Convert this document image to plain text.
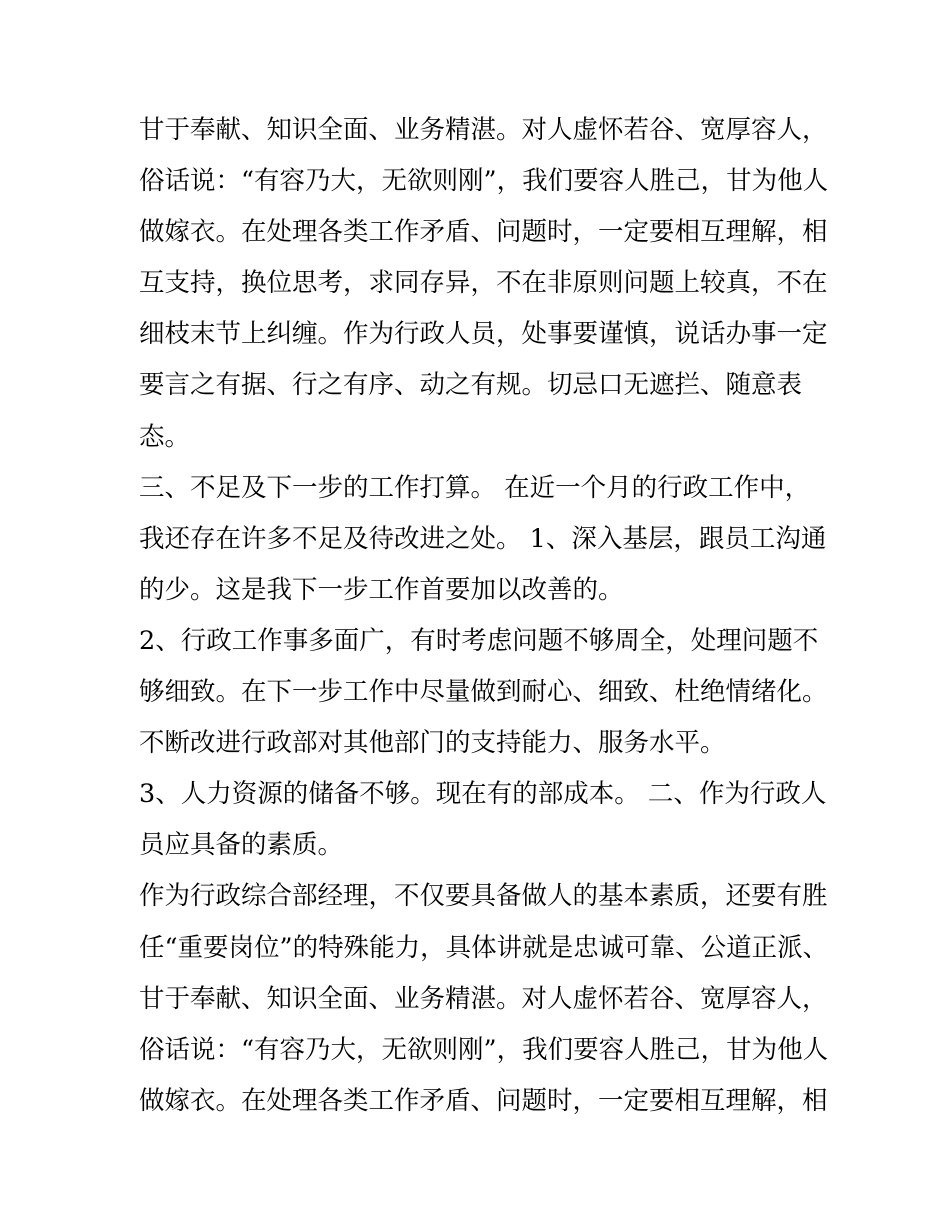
甘于奉献、知识全面、业务精湛。对人虚怀若谷、宽厚容人，
俗话说：“有容乃大，无欲则刚”，我们要容人胜己，甘为他人
做嫁衣。在处理各类工作矛盾、问题时，一定要相互理解，相
互支持，换位思考，求同存异，不在非原则问题上较真，不在
细枝末节上纠缠。作为行政人员，处事要谨慎，说话办事一定
要言之有据、行之有序、动之有规。切忌口无遮拦、随意表
态。
三、不足及下一步的工作打算。 在近一个月的行政工作中，
我还存在许多不足及待改进之处。 1、深入基层，跟员工沟通
的少。这是我下一步工作首要加以改善的。
2、行政工作事多面广，有时考虑问题不够周全，处理问题不
够细致。在下一步工作中尽量做到耐心、细致、杜绝情绪化。
不断改进行政部对其他部门的支持能力、服务水平。
3、人力资源的储备不够。现在有的部成本。 二、作为行政人
员应具备的素质。
作为行政综合部经理，不仅要具备做人的基本素质，还要有胜
任“重要岗位”的特殊能力，具体讲就是忠诚可靠、公道正派、
甘于奉献、知识全面、业务精湛。对人虚怀若谷、宽厚容人，
俗话说：“有容乃大，无欲则刚”，我们要容人胜己，甘为他人
做嫁衣。在处理各类工作矛盾、问题时，一定要相互理解，相
